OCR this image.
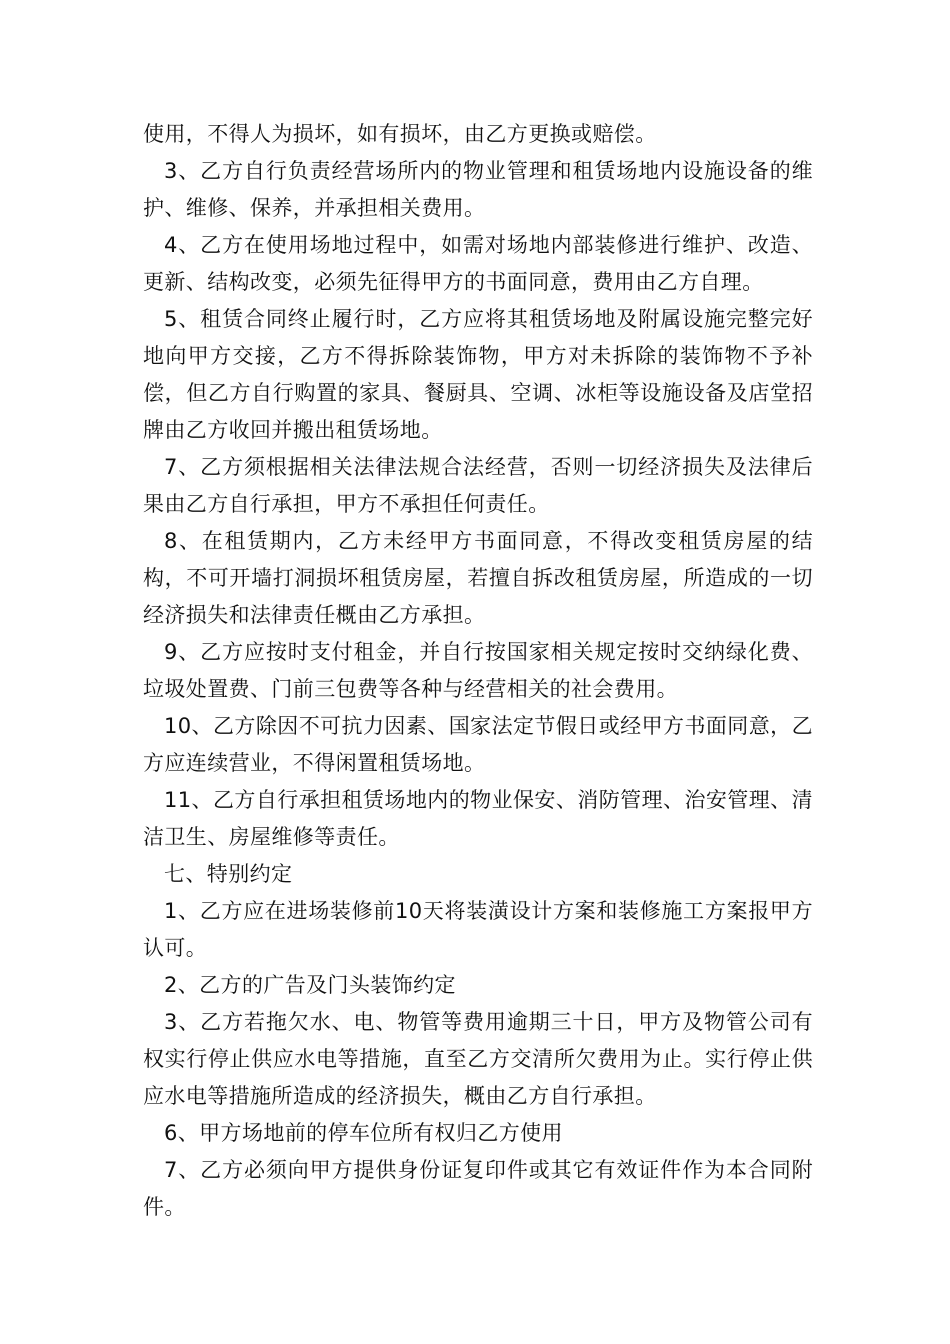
使用，不得人为损坏，如有损坏，由乙方更换或赔偿。

3、乙方自行负责经营场所内的物业管理和租赁场地内设施设备的维护、维修、保养，并承担相关费用。

4、乙方在使用场地过程中，如需对场地内部装修进行维护、改造、更新、结构改变，必须先征得甲方的书面同意，费用由乙方自理。

5、租赁合同终止履行时，乙方应将其租赁场地及附属设施完整完好地向甲方交接，乙方不得拆除装饰物，甲方对未拆除的装饰物不予补偿，但乙方自行购置的家具、餐厨具、空调、冰柜等设施设备及店堂招牌由乙方收回并搬出租赁场地。

7、乙方须根据相关法律法规合法经营，否则一切经济损失及法律后果由乙方自行承担，甲方不承担任何责任。

8、在租赁期内，乙方未经甲方书面同意，不得改变租赁房屋的结构，不可开墙打洞损坏租赁房屋，若擅自拆改租赁房屋，所造成的一切经济损失和法律责任概由乙方承担。

9、乙方应按时支付租金，并自行按国家相关规定按时交纳绿化费、垃圾处置费、门前三包费等各种与经营相关的社会费用。

10、乙方除因不可抗力因素、国家法定节假日或经甲方书面同意，乙方应连续营业，不得闲置租赁场地。

11、乙方自行承担租赁场地内的物业保安、消防管理、治安管理、清洁卫生、房屋维修等责任。

七、特别约定

1、乙方应在进场装修前10天将装潢设计方案和装修施工方案报甲方认可。

2、乙方的广告及门头装饰约定

3、乙方若拖欠水、电、物管等费用逾期三十日，甲方及物管公司有权实行停止供应水电等措施，直至乙方交清所欠费用为止。实行停止供应水电等措施所造成的经济损失，概由乙方自行承担。

6、甲方场地前的停车位所有权归乙方使用

7、乙方必须向甲方提供身份证复印件或其它有效证件作为本合同附件。
